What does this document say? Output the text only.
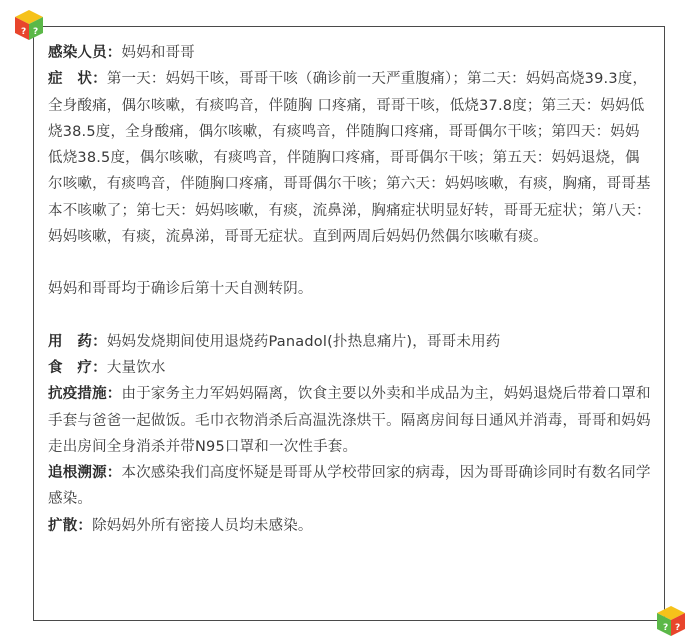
? ?
? ?

感染人员：妈妈和哥哥

症　状：第一天：妈妈干咳，哥哥干咳（确诊前一天严重腹痛）；第二天：妈妈高烧39.3度，全身酸痛，偶尔咳嗽，有痰呜音，伴随胸 口疼痛，哥哥干咳，低烧37.8度；第三天：妈妈低烧38.5度，全身酸痛，偶尔咳嗽，有痰鸣音，伴随胸口疼痛，哥哥偶尔干咳；第四天：妈妈低烧38.5度，偶尔咳嗽，有痰鸣音，伴随胸口疼痛，哥哥偶尔干咳；第五天：妈妈退烧，偶尔咳嗽，有痰鸣音，伴随胸口疼痛，哥哥偶尔干咳；第六天：妈妈咳嗽，有痰，胸痛，哥哥基本不咳嗽了；第七天：妈妈咳嗽，有痰，流鼻涕，胸痛症状明显好转，哥哥无症状；第八天：妈妈咳嗽，有痰，流鼻涕，哥哥无症状。直到两周后妈妈仍然偶尔咳嗽有痰。

妈妈和哥哥均于确诊后第十天自测转阴。

用　药：妈妈发烧期间使用退烧药Panadol(扑热息痛片)，哥哥未用药

食　疗：大量饮水

抗疫措施：由于家务主力军妈妈隔离，饮食主要以外卖和半成品为主，妈妈退烧后带着口罩和手套与爸爸一起做饭。毛巾衣物消杀后高温洗涤烘干。隔离房间每日通风并消毒，哥哥和妈妈走出房间全身消杀并带N95口罩和一次性手套。

追根溯源：本次感染我们高度怀疑是哥哥从学校带回家的病毒，因为哥哥确诊同时有数名同学感染。

扩散：除妈妈外所有密接人员均未感染。
